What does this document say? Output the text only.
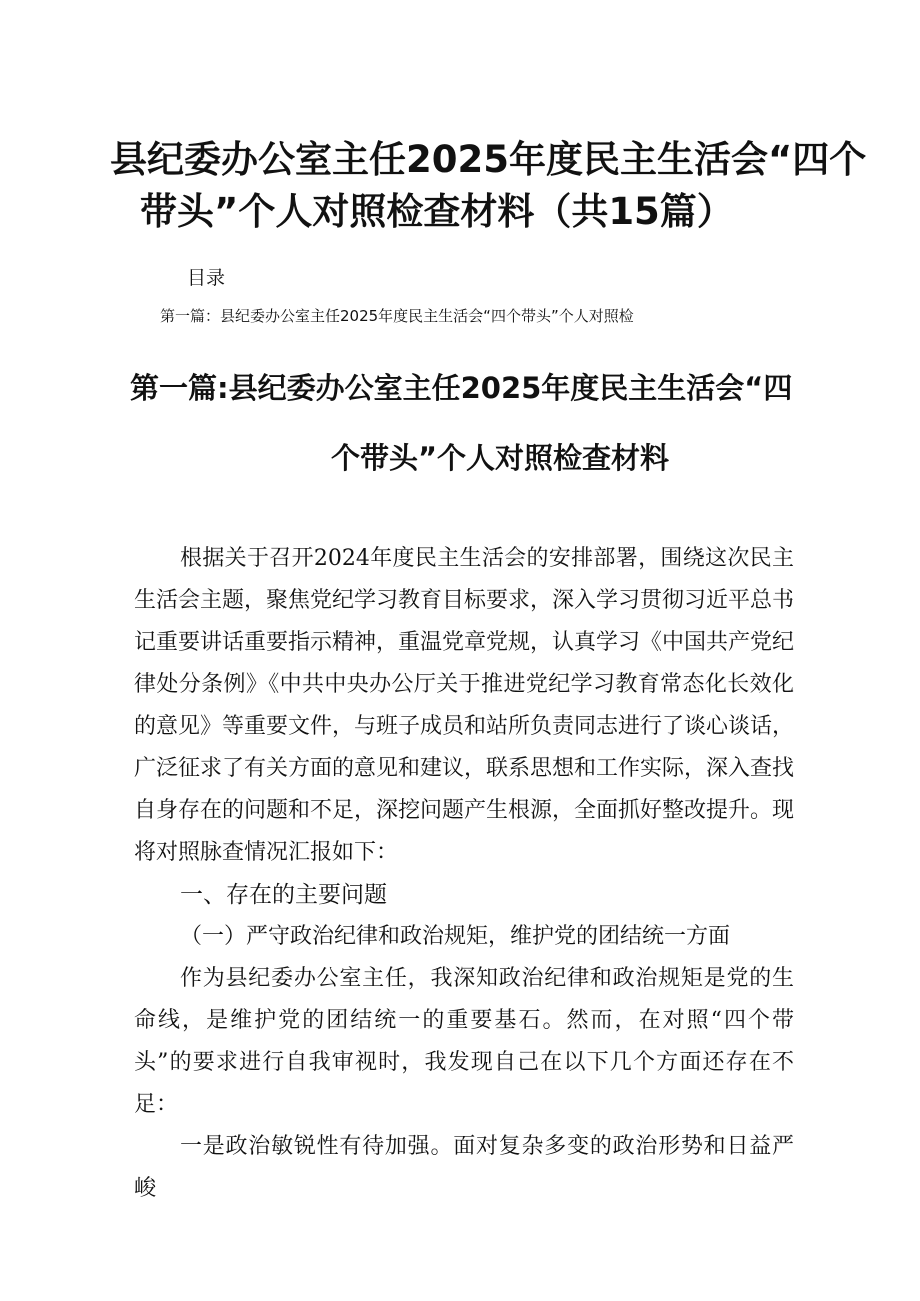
县纪委办公室主任2025年度民主生活会“四个
带头”个人对照检查材料（共15篇）
目录
第一篇：县纪委办公室主任2025年度民主生活会“四个带头”个人对照检
第一篇:县纪委办公室主任2025年度民主生活会“四
个带头”个人对照检查材料

根据关于召开2024年度民主生活会的安排部署，围绕这次民主生活会主题，聚焦党纪学习教育目标要求，深入学习贯彻习近平总书记重要讲话重要指示精神，重温党章党规，认真学习《中国共产党纪律处分条例》《中共中央办公厅关于推进党纪学习教育常态化长效化的意见》等重要文件，与班子成员和站所负责同志进行了谈心谈话，广泛征求了有关方面的意见和建议，联系思想和工作实际，深入查找自身存在的问题和不足，深挖问题产生根源，全面抓好整改提升。现将对照脉查情况汇报如下：

一、存在的主要问题

（一）严守政治纪律和政治规矩，维护党的团结统一方面

作为县纪委办公室主任，我深知政治纪律和政治规矩是党的生命线，是维护党的团结统一的重要基石。然而，在对照“四个带头”的要求进行自我审视时，我发现自己在以下几个方面还存在不足：

一是政治敏锐性有待加强。面对复杂多变的政治形势和日益严峻
